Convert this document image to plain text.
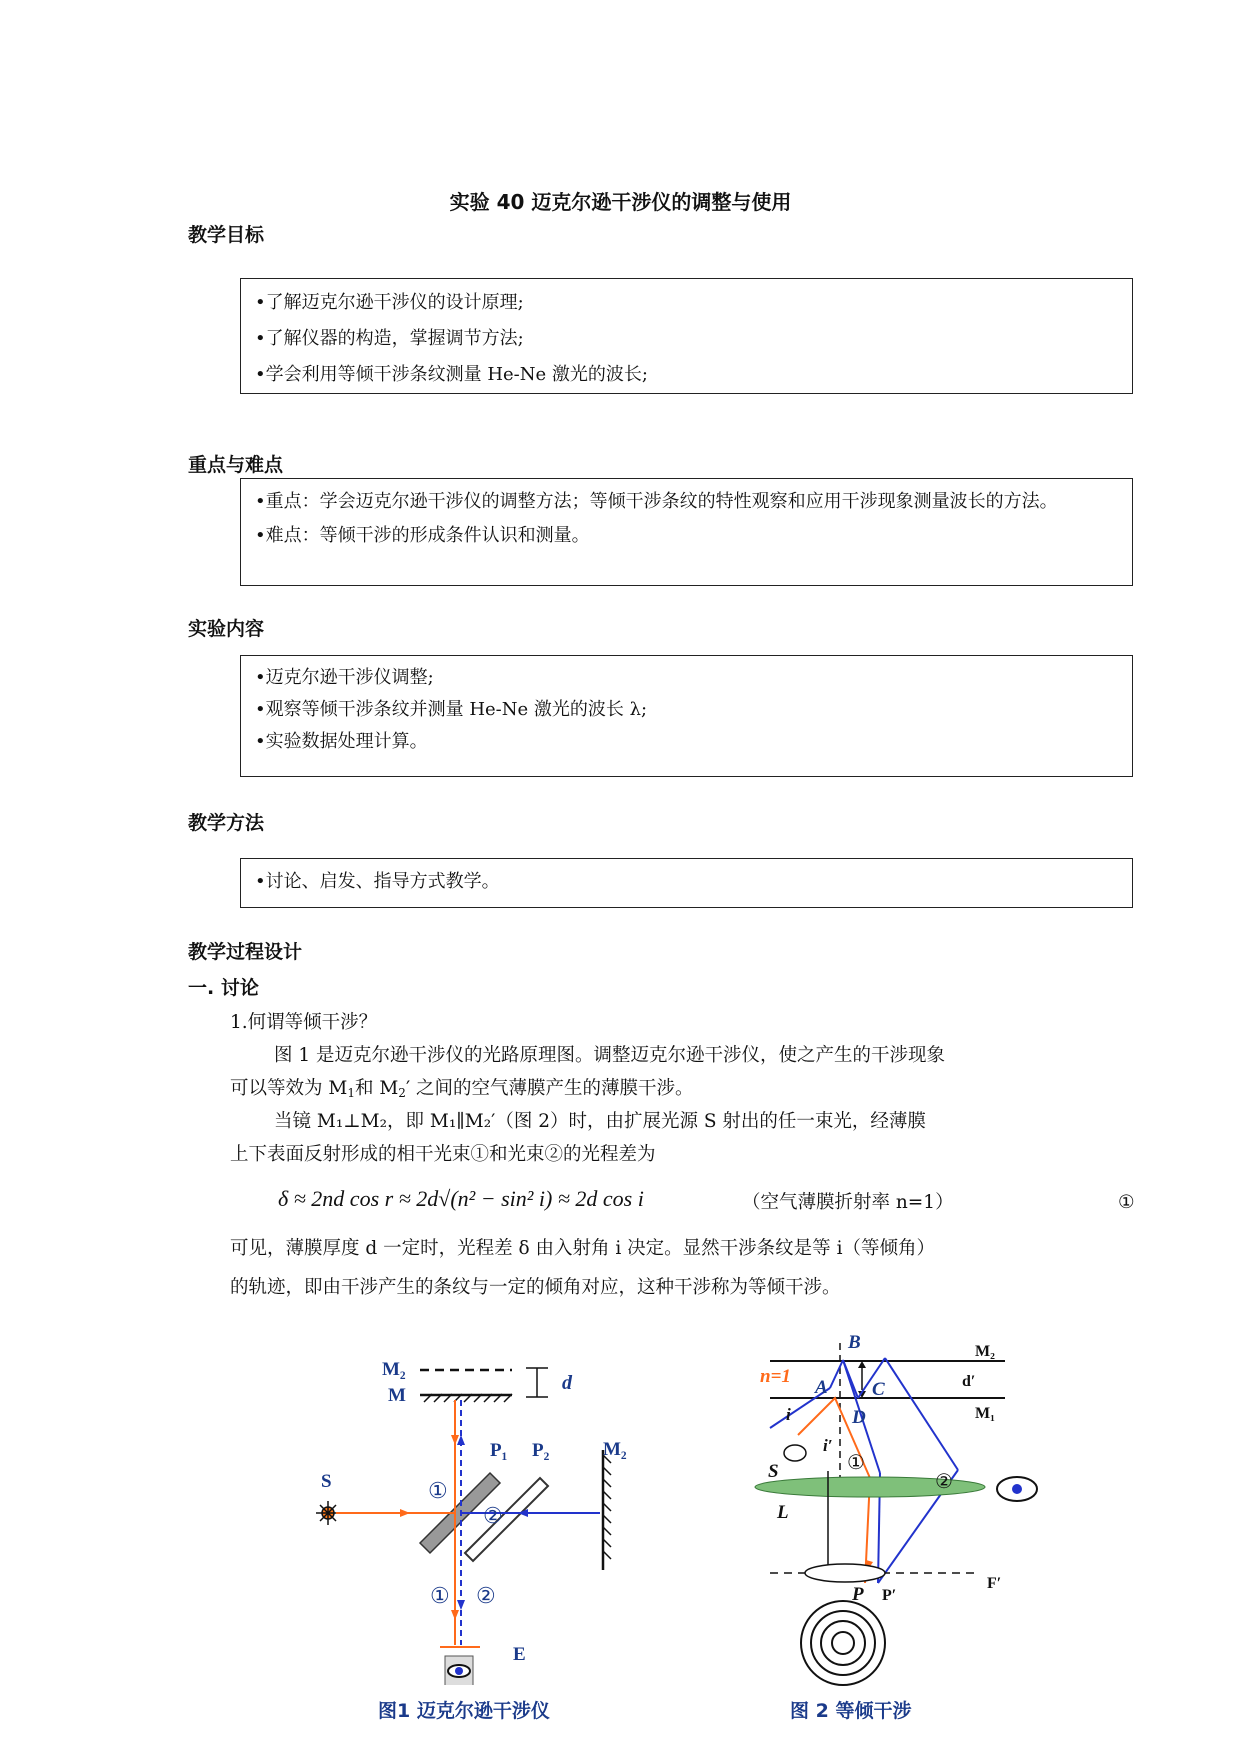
实验 40 迈克尔逊干涉仪的调整与使用
教学目标

•了解迈克尔逊干涉仪的设计原理;

•了解仪器的构造，掌握调节方法;

•学会利用等倾干涉条纹测量 He-Ne 激光的波长;

重点与难点

•重点：学会迈克尔逊干涉仪的调整方法；等倾干涉条纹的特性观察和应用干涉现象测量波长的方法。

•难点：等倾干涉的形成条件认识和测量。

实验内容

•迈克尔逊干涉仪调整;

•观察等倾干涉条纹并测量 He-Ne 激光的波长 λ;

•实验数据处理计算。

教学方法

•讨论、启发、指导方式教学。

教学过程设计
一. 讨论
1.何谓等倾干涉？
图 1 是迈克尔逊干涉仪的光路原理图。调整迈克尔逊干涉仪，使之产生的干涉现象
可以等效为 $M_1$和 $M_2'$ 之间的空气薄膜产生的薄膜干涉。
当镜 M₁⊥M₂，即 M₁∥M₂′（图 2）时，由扩展光源 S 射出的任一束光，经薄膜
上下表面反射形成的相干光束①和光束②的光程差为
δ ≈ 2nd cos r ≈ 2d√(n² − sin² i) ≈ 2d cos i	（空气薄膜折射率 n=1）	①
可见，薄膜厚度 d 一定时，光程差 δ 由入射角 i 决定。显然干涉条纹是等 i（等倾角）
的轨迹，即由干涉产生的条纹与一定的倾角对应，这种干涉称为等倾干涉。
M₂
M
d
P₁ P₂	M₂
S	①
②
① ②
E
图1 迈克尔逊干涉仪
B	M₂
n=1
A C	d′
M₁
i	D
i′
S	①
②
L
F′
P P′
图 2 等倾干涉
